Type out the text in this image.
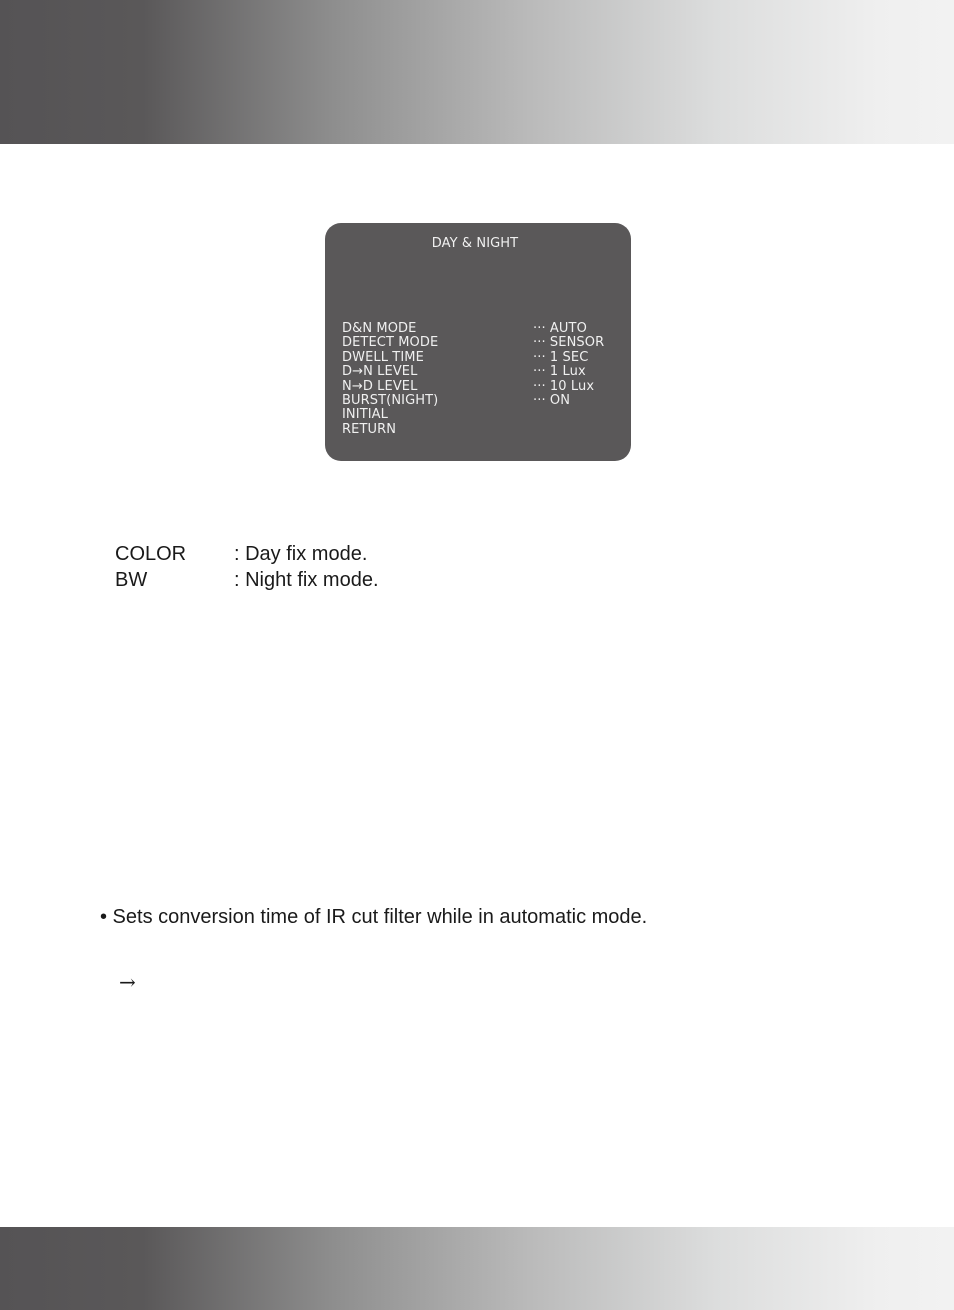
DAY & NIGHT
D&N MODE	··· AUTO
DETECT MODE	··· SENSOR
DWELL TIME	··· 1 SEC
D→N LEVEL	··· 1 Lux
N→D LEVEL	··· 10 Lux
BURST(NIGHT)	··· ON
INITIAL
RETURN
COLOR : Day fix mode.
BW	: Night fix mode.
• Sets conversion time of IR cut filter while in automatic mode.
→
